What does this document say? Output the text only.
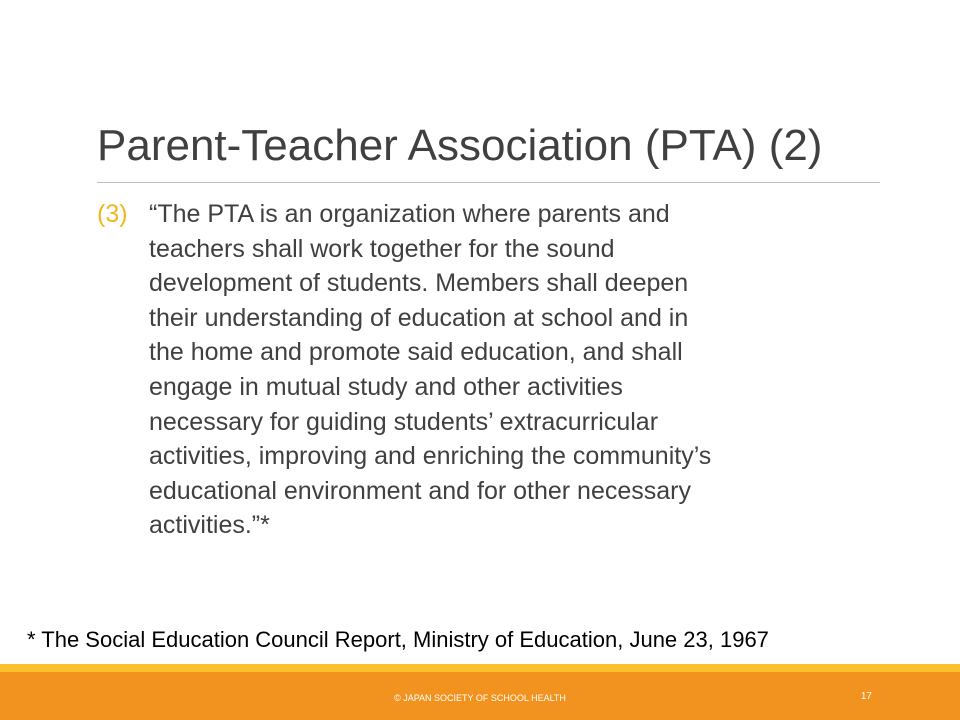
Parent-Teacher Association (PTA) (2)
(3) “The PTA is an organization where parents and
teachers shall work together for the sound
development of students. Members shall deepen
their understanding of education at school and in
the home and promote said education, and shall
engage in mutual study and other activities
necessary for guiding students’ extracurricular
activities, improving and enriching the community’s
educational environment and for other necessary
activities.”*
* The Social Education Council Report, Ministry of Education, June 23, 1967
© JAPAN SOCIETY OF SCHOOL HEALTH	17
